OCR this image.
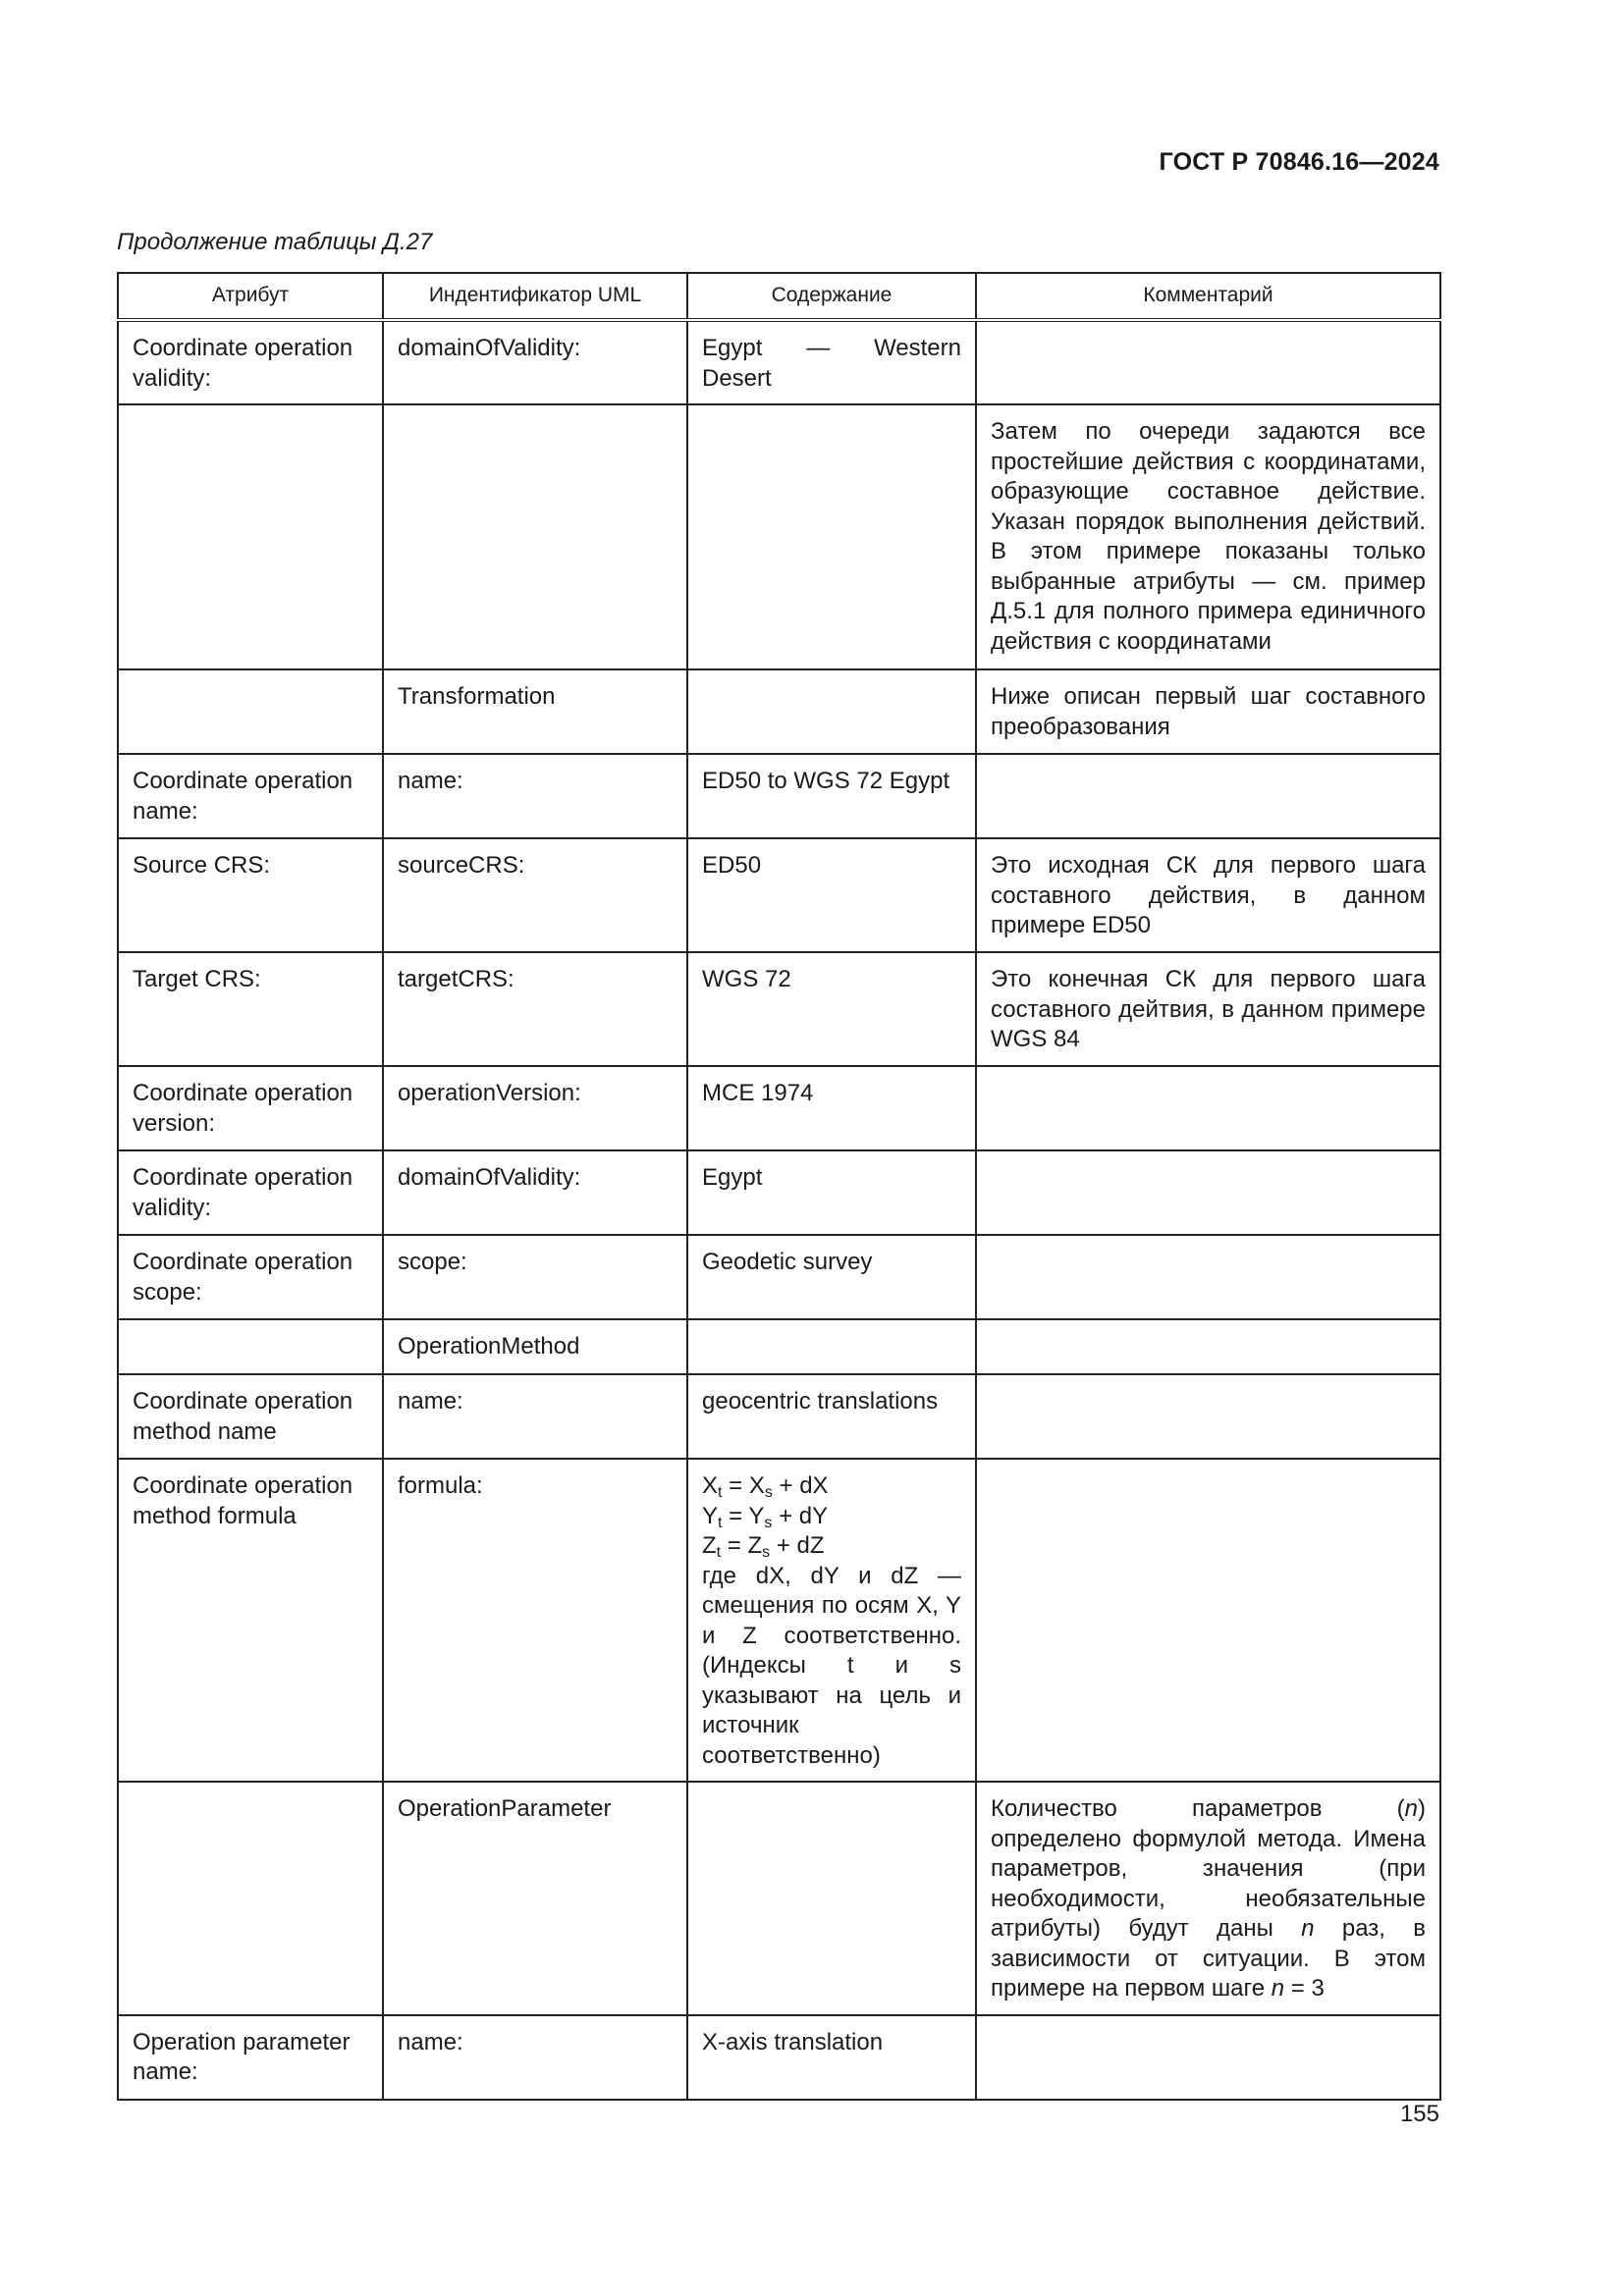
ГОСТ Р 70846.16—2024
Продолжение таблицы Д.27
Атрибут	Индентификатор UML	Содержание	Комментарий
Coordinate operation validity:	domainOfValidity:	Egypt — Western Desert	
			Затем по очереди задаются все простейшие действия с координатами, образующие составное действие. Указан порядок выполнения действий. В этом примере показаны только выбранные атрибуты — см. пример Д.5.1 для полного примера единичного действия с координатами
	Transformation		Ниже описан первый шаг составного преобразования
Coordinate operation name:	name:	ED50 to WGS 72 Egypt	
Source CRS:	sourceCRS:	ED50	Это исходная СК для первого шага составного действия, в данном примере ED50
Target CRS:	targetCRS:	WGS 72	Это конечная СК для первого шага составного дейтвия, в данном примере WGS 84
Coordinate operation version:	operationVersion:	MCE 1974	
Coordinate operation validity:	domainOfValidity:	Egypt	
Coordinate operation scope:	scope:	Geodetic survey	
	OperationMethod		
Coordinate operation method name	name:	geocentric translations	
Coordinate operation method formula	formula:	$X_t = X_s$ + dX
$Y_t = Y_s$ + dY
$Z_t = Z_s$ + dZ
где dX, dY и dZ — смещения по осям X, Y и Z соответственно. (Индексы t и s указывают на цель и источник соответственно)	

	OperationParameter		Количество параметров (n) определено формулой метода. Имена параметров, значения (при необходимости, необязательные атрибуты) будут даны n раз, в зависимости от ситуации. В этом примере на первом шаге n = 3
Operation parameter name:	name:	X-axis translation	
155
